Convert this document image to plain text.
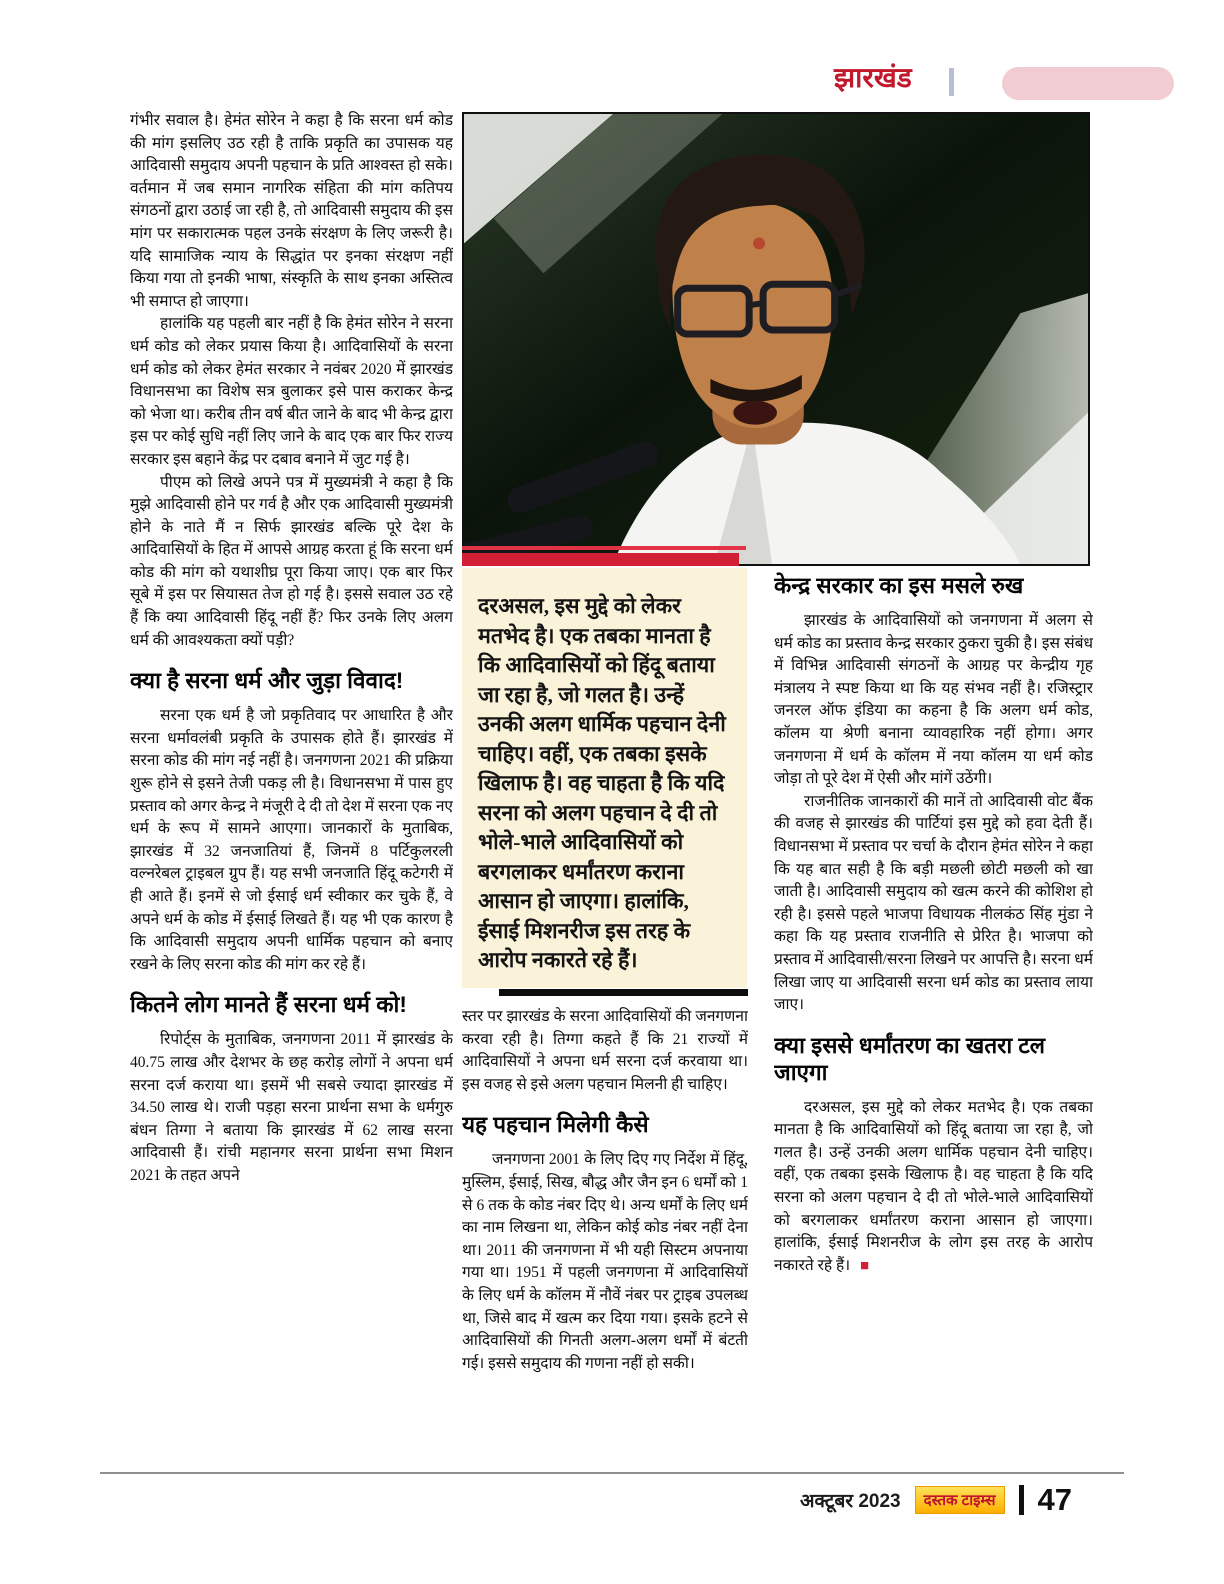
झारखंड

गंभीर सवाल है। हेमंत सोरेन ने कहा है कि सरना धर्म कोड की मांग इसलिए उठ रही है ताकि प्रकृति का उपासक यह आदिवासी समुदाय अपनी पहचान के प्रति आश्वस्त हो सके। वर्तमान में जब समान नागरिक संहिता की मांग कतिपय संगठनों द्वारा उठाई जा रही है, तो आदिवासी समुदाय की इस मांग पर सकारात्मक पहल उनके संरक्षण के लिए जरूरी है। यदि सामाजिक न्याय के सिद्धांत पर इनका संरक्षण नहीं किया गया तो इनकी भाषा, संस्कृति के साथ इनका अस्तित्व भी समाप्त हो जाएगा।

हालांकि यह पहली बार नहीं है कि हेमंत सोरेन ने सरना धर्म कोड को लेकर प्रयास किया है। आदिवासियों के सरना धर्म कोड को लेकर हेमंत सरकार ने नवंबर 2020 में झारखंड विधानसभा का विशेष सत्र बुलाकर इसे पास कराकर केन्द्र को भेजा था। करीब तीन वर्ष बीत जाने के बाद भी केन्द्र द्वारा इस पर कोई सुधि नहीं लिए जाने के बाद एक बार फिर राज्य सरकार इस बहाने केंद्र पर दबाव बनाने में जुट गई है।

पीएम को लिखे अपने पत्र में मुख्यमंत्री ने कहा है कि मुझे आदिवासी होने पर गर्व है और एक आदिवासी मुख्यमंत्री होने के नाते मैं न सिर्फ झारखंड बल्कि पूरे देश के आदिवासियों के हित में आपसे आग्रह करता हूं कि सरना धर्म कोड की मांग को यथाशीघ्र पूरा किया जाए। एक बार फिर सूबे में इस पर सियासत तेज हो गई है। इससे सवाल उठ रहे हैं कि क्या आदिवासी हिंदू नहीं हैं? फिर उनके लिए अलग धर्म की आवश्यकता क्यों पड़ी?

क्या है सरना धर्म और जुड़ा विवाद!

सरना एक धर्म है जो प्रकृतिवाद पर आधारित है और सरना धर्मावलंबी प्रकृति के उपासक होते हैं। झारखंड में सरना कोड की मांग नई नहीं है। जनगणना 2021 की प्रक्रिया शुरू होने से इसने तेजी पकड़ ली है। विधानसभा में पास हुए प्रस्ताव को अगर केन्द्र ने मंजूरी दे दी तो देश में सरना एक नए धर्म के रूप में सामने आएगा। जानकारों के मुताबिक, झारखंड में 32 जनजातियां हैं, जिनमें 8 पर्टिकुलरली वल्नरेबल ट्राइबल ग्रुप हैं। यह सभी जनजाति हिंदू कटेगरी में ही आते हैं। इनमें से जो ईसाई धर्म स्वीकार कर चुके हैं, वे अपने धर्म के कोड में ईसाई लिखते हैं। यह भी एक कारण है कि आदिवासी समुदाय अपनी धार्मिक पहचान को बनाए रखने के लिए सरना कोड की मांग कर रहे हैं।

कितने लोग मानते हैं सरना धर्म को!

रिपोर्ट्स के मुताबिक, जनगणना 2011 में झारखंड के 40.75 लाख और देशभर के छह करोड़ लोगों ने अपना धर्म सरना दर्ज कराया था। इसमें भी सबसे ज्यादा झारखंड में 34.50 लाख थे। राजी पड़हा सरना प्रार्थना सभा के धर्मगुरु बंधन तिग्गा ने बताया कि झारखंड में 62 लाख सरना आदिवासी हैं। रांची महानगर सरना प्रार्थना सभा मिशन 2021 के तहत अपने

दरअसल, इस मुद्दे को लेकर मतभेद है। एक तबका मानता है कि आदिवासियों को हिंदू बताया जा रहा है, जो गलत है। उन्हें उनकी अलग धार्मिक पहचान देनी चाहिए। वहीं, एक तबका इसके खिलाफ है। वह चाहता है कि यदि सरना को अलग पहचान दे दी तो भोले-भाले आदिवासियों को बरगलाकर धर्मांतरण कराना आसान हो जाएगा। हालांकि, ईसाई मिशनरीज इस तरह के आरोप नकारते रहे हैं।

स्तर पर झारखंड के सरना आदिवासियों की जनगणना करवा रही है। तिग्गा कहते हैं कि 21 राज्यों में आदिवासियों ने अपना धर्म सरना दर्ज करवाया था। इस वजह से इसे अलग पहचान मिलनी ही चाहिए।

यह पहचान मिलेगी कैसे

जनगणना 2001 के लिए दिए गए निर्देश में हिंदू, मुस्लिम, ईसाई, सिख, बौद्ध और जैन इन 6 धर्मों को 1 से 6 तक के कोड नंबर दिए थे। अन्य धर्मों के लिए धर्म का नाम लिखना था, लेकिन कोई कोड नंबर नहीं देना था। 2011 की जनगणना में भी यही सिस्टम अपनाया गया था। 1951 में पहली जनगणना में आदिवासियों के लिए धर्म के कॉलम में नौवें नंबर पर ट्राइब उपलब्ध था, जिसे बाद में खत्म कर दिया गया। इसके हटने से आदिवासियों की गिनती अलग-अलग धर्मों में बंटती गई। इससे समुदाय की गणना नहीं हो सकी।

केन्द्र सरकार का इस मसले रुख

झारखंड के आदिवासियों को जनगणना में अलग से धर्म कोड का प्रस्ताव केन्द्र सरकार ठुकरा चुकी है। इस संबंध में विभिन्न आदिवासी संगठनों के आग्रह पर केन्द्रीय गृह मंत्रालय ने स्पष्ट किया था कि यह संभव नहीं है। रजिस्ट्रार जनरल ऑफ इंडिया का कहना है कि अलग धर्म कोड, कॉलम या श्रेणी बनाना व्यावहारिक नहीं होगा। अगर जनगणना में धर्म के कॉलम में नया कॉलम या धर्म कोड जोड़ा तो पूरे देश में ऐसी और मांगें उठेंगी।

राजनीतिक जानकारों की मानें तो आदिवासी वोट बैंक की वजह से झारखंड की पार्टियां इस मुद्दे को हवा देती हैं। विधानसभा में प्रस्ताव पर चर्चा के दौरान हेमंत सोरेन ने कहा कि यह बात सही है कि बड़ी मछली छोटी मछली को खा जाती है। आदिवासी समुदाय को खत्म करने की कोशिश हो रही है। इससे पहले भाजपा विधायक नीलकंठ सिंह मुंडा ने कहा कि यह प्रस्ताव राजनीति से प्रेरित है। भाजपा को प्रस्ताव में आदिवासी/सरना लिखने पर आपत्ति है। सरना धर्म लिखा जाए या आदिवासी सरना धर्म कोड का प्रस्ताव लाया जाए।

क्या इससे धर्मांतरण का खतरा टल जाएगा

दरअसल, इस मुद्दे को लेकर मतभेद है। एक तबका मानता है कि आदिवासियों को हिंदू बताया जा रहा है, जो गलत है। उन्हें उनकी अलग धार्मिक पहचान देनी चाहिए। वहीं, एक तबका इसके खिलाफ है। वह चाहता है कि यदि सरना को अलग पहचान दे दी तो भोले-भाले आदिवासियों को बरगलाकर धर्मांतरण कराना आसान हो जाएगा। हालांकि, ईसाई मिशनरीज के लोग इस तरह के आरोप नकारते रहे हैं। ■

अक्टूबर 2023	दस्तक टाइम्स 47
